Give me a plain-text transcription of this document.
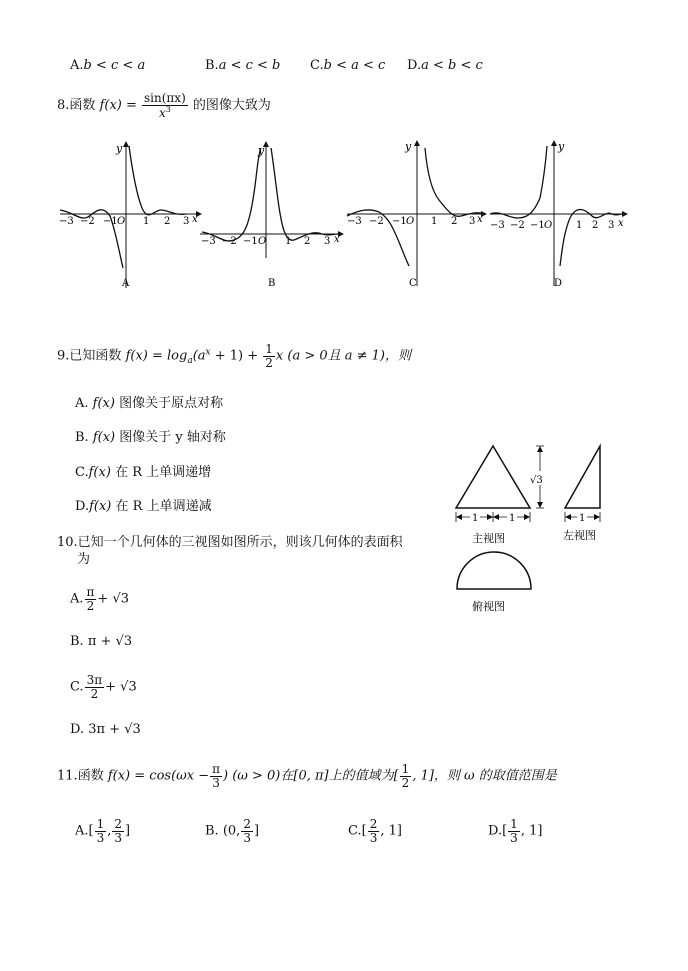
A.b < c < a	B.a < c < b C.b < a < c D.a < b < c
8.函数 $f(x) = \frac{\sin(\pi x)}{x^3}$ 的图像大致为
y
x
−3 −2 −1 O 1 2 3
A
y
x
−3 −2 −1 O 1 2 3
B
y
x
−3 −2 −1 O 1 2 3
C
y
x
−3 −2 −1 O 1 2 3
D
9.已知函数 $f(x) = \log_a(a^x + 1) + \frac{1}{2}$ x (a > 0且 a ≠ 1)，则
A. f(x) 图像关于原点对称
B. f(x) 图像关于 y 轴对称
C.f(x) 在 R 上单调递增
D.f(x) 在 R 上单调递减
√3
1	1
主视图
1
左视图
俯视图
10.已知一个几何体的三视图如图所示，则该几何体的表面积
为
A. $\frac{\pi}{2} + √3$
B. π + √3
C. $\frac{3\pi}{2} + √3$
D. 3π + √3
11.函数 $f(x) = \cos(\omega x - \frac{\pi}{3}$ ) (ω > 0)在[0, π]上的值域为[ $\frac{1}{2}$ , 1]，则 ω 的取值范围是
$A.[ \frac{1}{3}$ , $\frac{2}{3}$ ]	B. (0, $\frac{2}{3}$ ]	$C.[ \frac{2}{3}$ , 1]	$D.[ \frac{1}{3}$ , 1]
